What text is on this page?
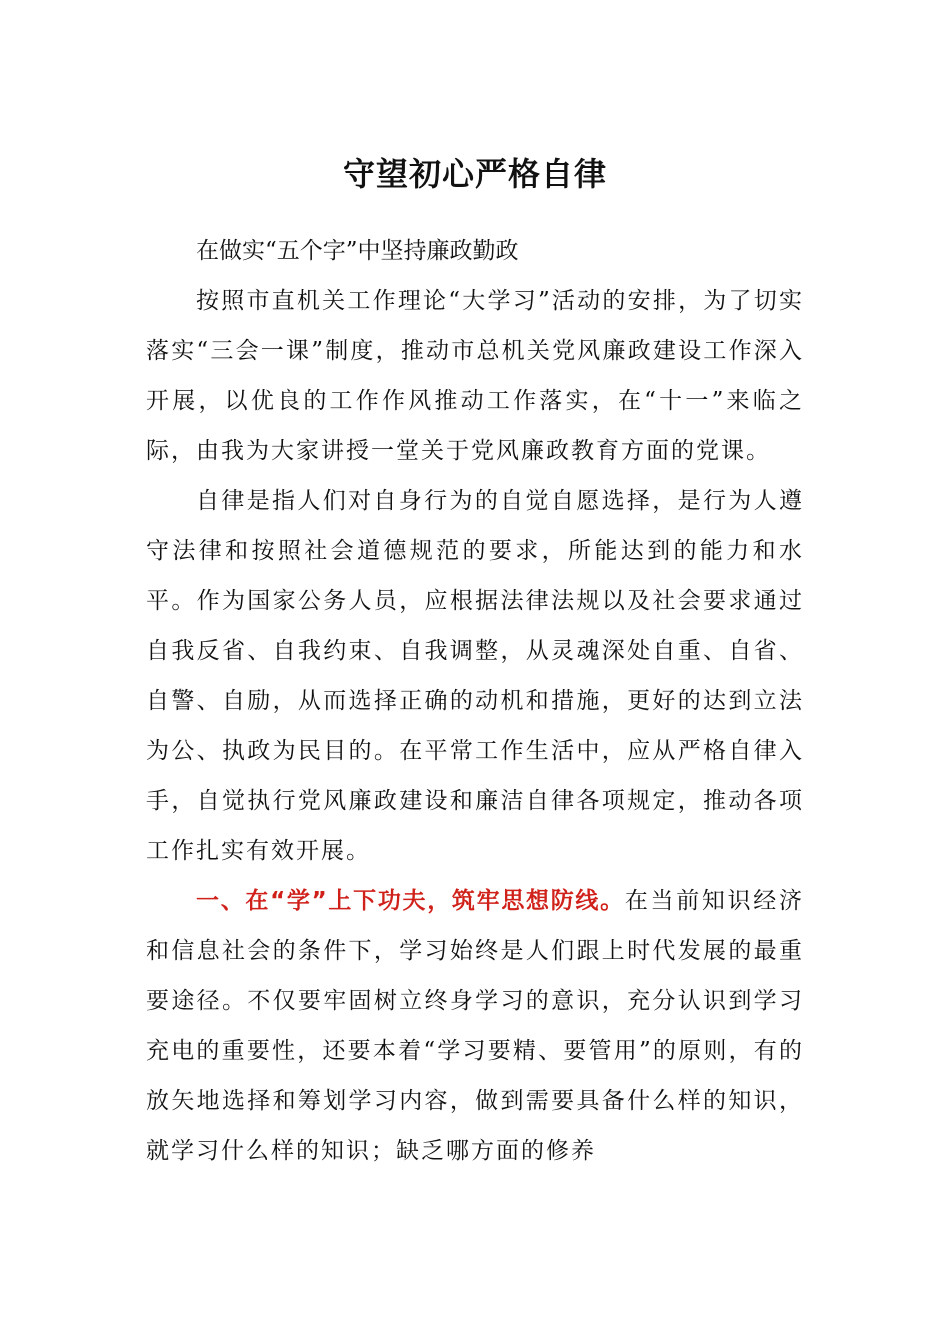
守望初心严格自律

在做实“五个字”中坚持廉政勤政

按照市直机关工作理论“大学习”活动的安排，为了切实落实“三会一课”制度，推动市总机关党风廉政建设工作深入开展，以优良的工作作风推动工作落实，在“十一”来临之际，由我为大家讲授一堂关于党风廉政教育方面的党课。

自律是指人们对自身行为的自觉自愿选择，是行为人遵守法律和按照社会道德规范的要求，所能达到的能力和水平。作为国家公务人员，应根据法律法规以及社会要求通过自我反省、自我约束、自我调整，从灵魂深处自重、自省、自警、自励，从而选择正确的动机和措施，更好的达到立法为公、执政为民目的。在平常工作生活中，应从严格自律入手，自觉执行党风廉政建设和廉洁自律各项规定，推动各项工作扎实有效开展。

一、在“学”上下功夫，筑牢思想防线。在当前知识经济和信息社会的条件下，学习始终是人们跟上时代发展的最重要途径。不仅要牢固树立终身学习的意识，充分认识到学习充电的重要性，还要本着“学习要精、要管用”的原则，有的放矢地选择和筹划学习内容，做到需要具备什么样的知识，就学习什么样的知识；缺乏哪方面的修养
